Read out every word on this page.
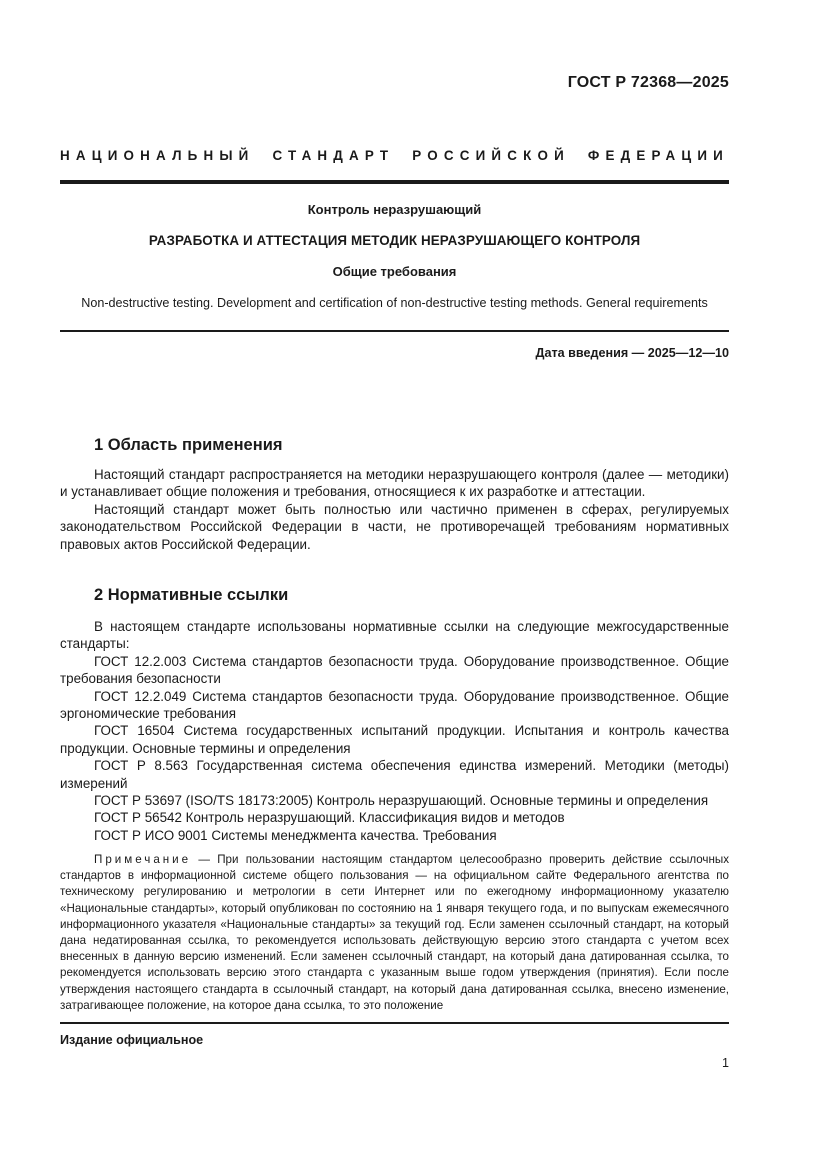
ГОСТ Р 72368—2025
НАЦИОНАЛЬНЫЙ СТАНДАРТ РОССИЙСКОЙ ФЕДЕРАЦИИ
Контроль неразрушающий
РАЗРАБОТКА И АТТЕСТАЦИЯ МЕТОДИК НЕРАЗРУШАЮЩЕГО КОНТРОЛЯ
Общие требования
Non-destructive testing. Development and certification of non-destructive testing methods. General requirements
Дата введения — 2025—12—10
1 Область применения
Настоящий стандарт распространяется на методики неразрушающего контроля (далее — методики) и устанавливает общие положения и требования, относящиеся к их разработке и аттестации.
Настоящий стандарт может быть полностью или частично применен в сферах, регулируемых законодательством Российской Федерации в части, не противоречащей требованиям нормативных правовых актов Российской Федерации.
2 Нормативные ссылки
В настоящем стандарте использованы нормативные ссылки на следующие межгосударственные стандарты:
ГОСТ 12.2.003 Система стандартов безопасности труда. Оборудование производственное. Общие требования безопасности
ГОСТ 12.2.049 Система стандартов безопасности труда. Оборудование производственное. Общие эргономические требования
ГОСТ 16504 Система государственных испытаний продукции. Испытания и контроль качества продукции. Основные термины и определения
ГОСТ Р 8.563 Государственная система обеспечения единства измерений. Методики (методы) измерений
ГОСТ Р 53697 (ISO/TS 18173:2005) Контроль неразрушающий. Основные термины и определения
ГОСТ Р 56542 Контроль неразрушающий. Классификация видов и методов
ГОСТ Р ИСО 9001 Системы менеджмента качества. Требования
Примечание — При пользовании настоящим стандартом целесообразно проверить действие ссылочных стандартов в информационной системе общего пользования — на официальном сайте Федерального агентства по техническому регулированию и метрологии в сети Интернет или по ежегодному информационному указателю «Национальные стандарты», который опубликован по состоянию на 1 января текущего года, и по выпускам ежемесячного информационного указателя «Национальные стандарты» за текущий год. Если заменен ссылочный стандарт, на который дана недатированная ссылка, то рекомендуется использовать действующую версию этого стандарта с учетом всех внесенных в данную версию изменений. Если заменен ссылочный стандарт, на который дана датированная ссылка, то рекомендуется использовать версию этого стандарта с указанным выше годом утверждения (принятия). Если после утверждения настоящего стандарта в ссылочный стандарт, на который дана датированная ссылка, внесено изменение, затрагивающее положение, на которое дана ссылка, то это положение
Издание официальное
1
